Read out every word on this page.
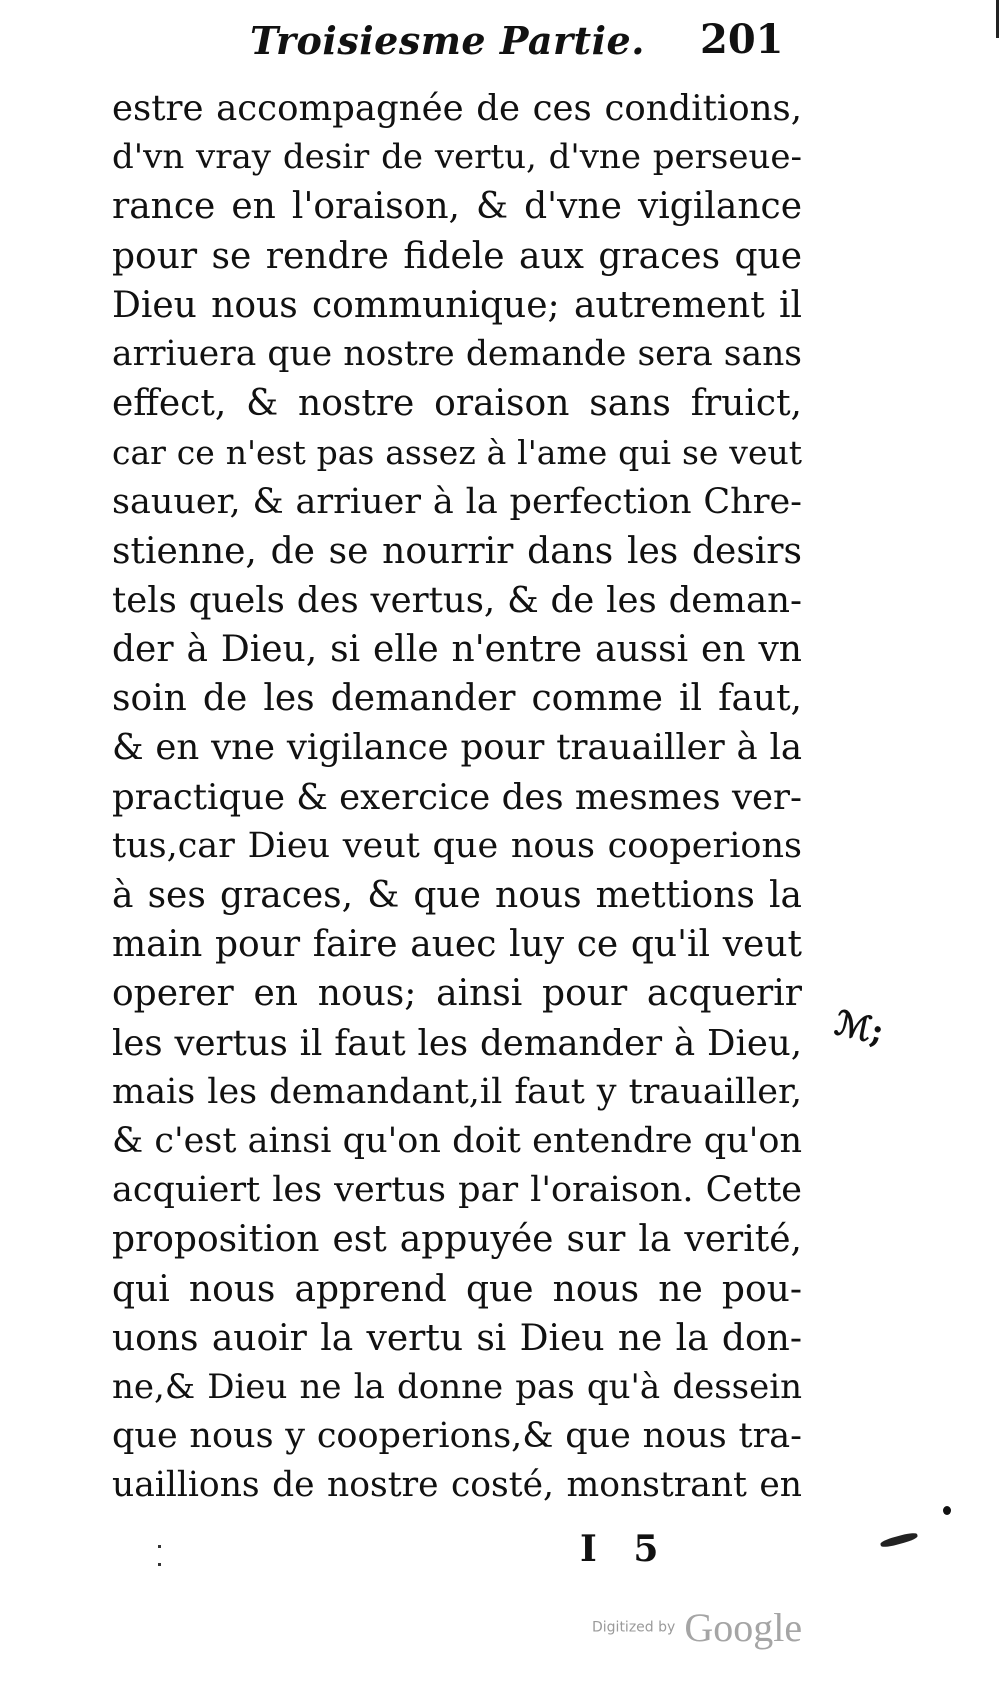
Troisiesme Partie. 201
estre accompagnée de ces conditions,
d'vn vray desir de vertu, d'vne perseue-
rance en l'oraison, & d'vne vigilance
pour se rendre fidele aux graces que
Dieu nous communique; autrement il
arriuera que nostre demande sera sans
effect, & nostre oraison sans fruict,
car ce n'est pas assez à l'ame qui se veut
sauuer, & arriuer à la perfection Chre-
stienne, de se nourrir dans les desirs
tels quels des vertus, & de les deman-
der à Dieu, si elle n'entre aussi en vn
soin de les demander comme il faut,
& en vne vigilance pour trauailler à la
practique & exercice des mesmes ver-
tus,car Dieu veut que nous cooperions
à ses graces, & que nous mettions la
main pour faire auec luy ce qu'il veut
operer en nous; ainsi pour acquerir
les vertus il faut les demander à Dieu,
mais les demandant,il faut y trauailler,
& c'est ainsi qu'on doit entendre qu'on
acquiert les vertus par l'oraison. Cette
proposition est appuyée sur la verité,
qui nous apprend que nous ne pou-
uons auoir la vertu si Dieu ne la don-
ne,& Dieu ne la donne pas qu'à dessein
que nous y cooperions,& que nous tra-
uaillions de nostre costé, monstrant en
I 5
ℳ;
Digitized by Google
